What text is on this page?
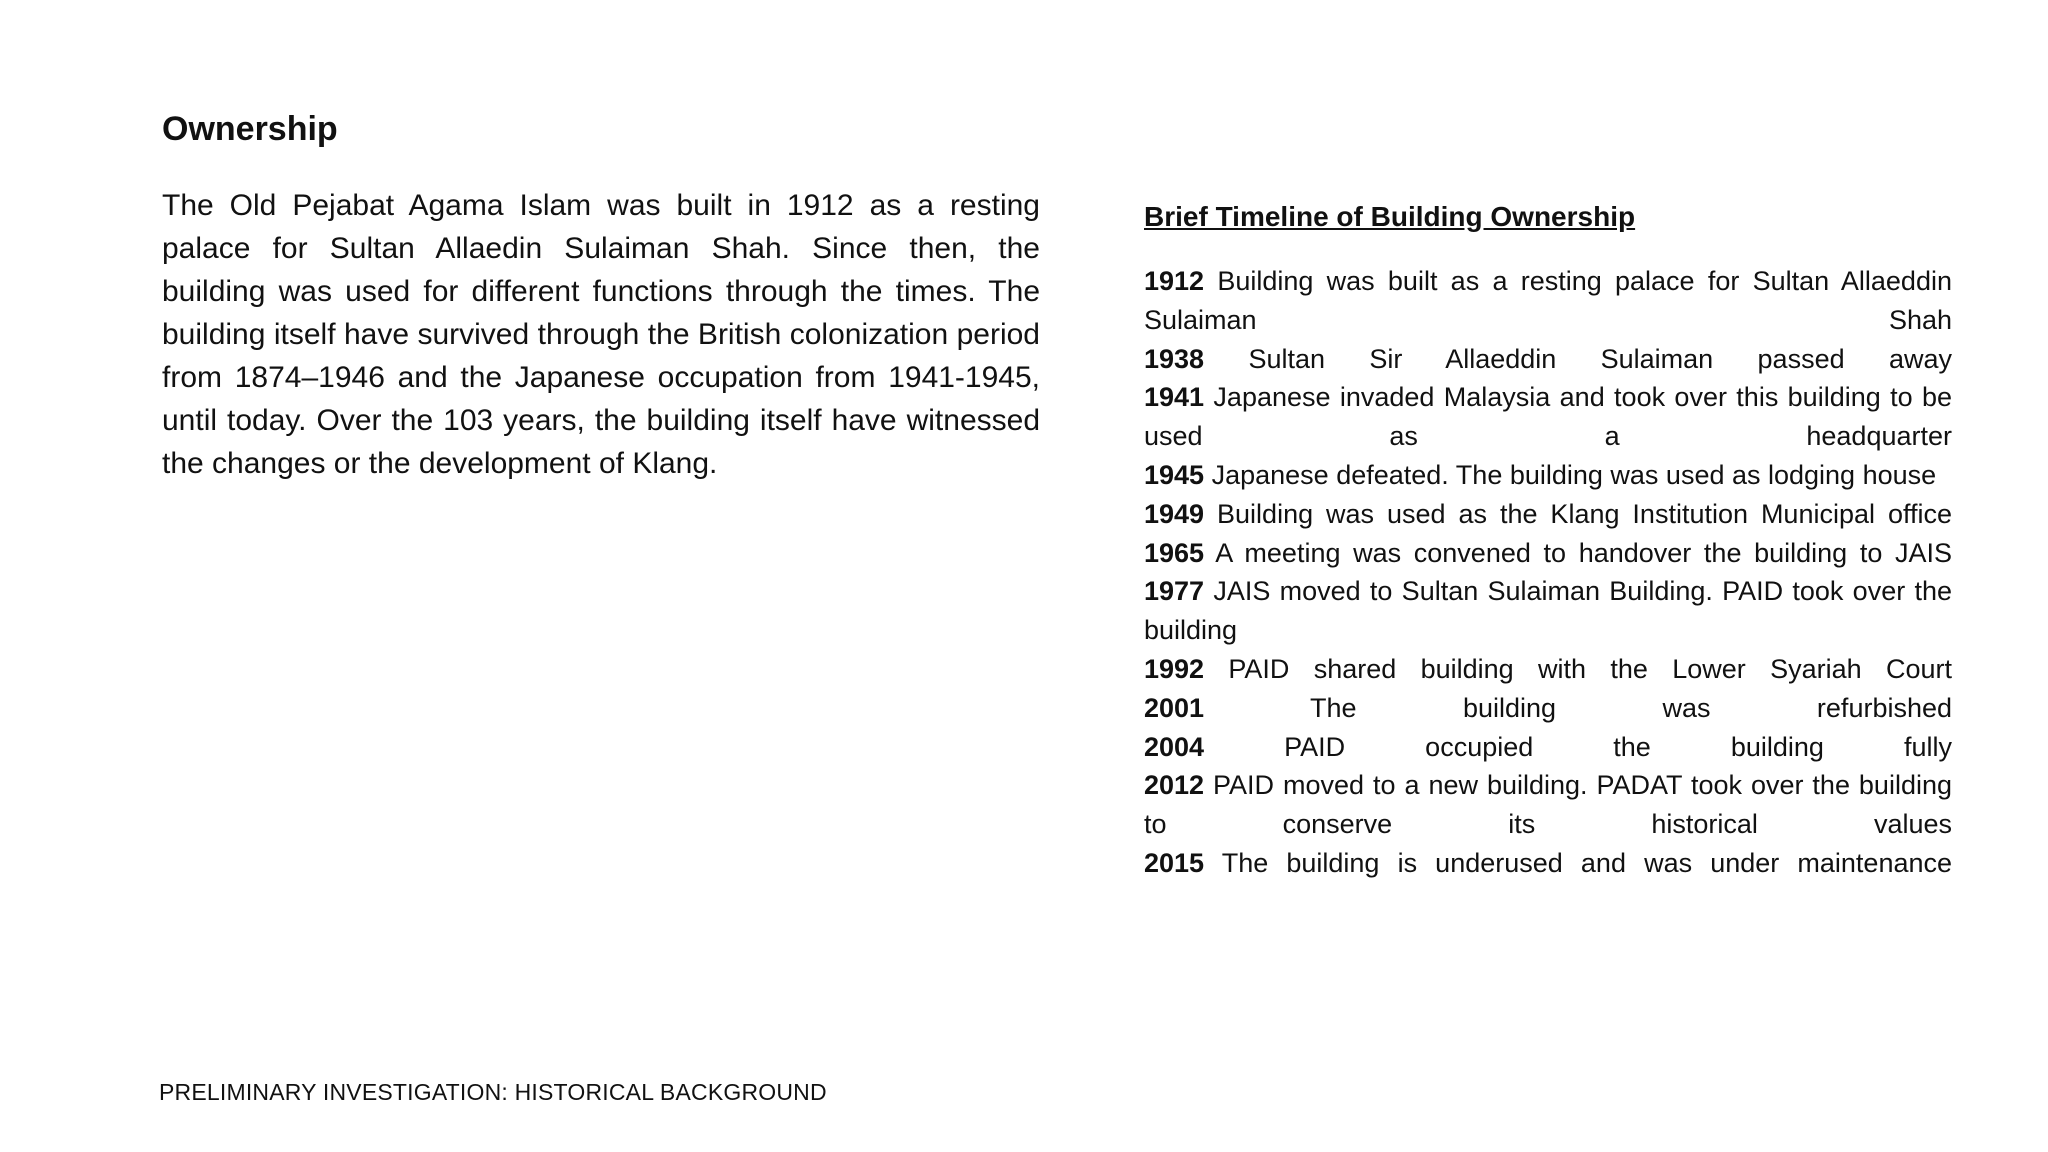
Ownership

The Old Pejabat Agama Islam was built in 1912 as a resting palace for Sultan Allaedin Sulaiman Shah. Since then, the building was used for different functions through the times. The building itself have survived through the British colonization period from 1874–1946 and the Japanese occupation from 1941-1945, until today. Over the 103 years, the building itself have witnessed the changes or the development of Klang.

Brief Timeline of Building Ownership
1912 Building was built as a resting palace for Sultan Allaeddin Sulaiman Shah
1938 Sultan Sir Allaeddin Sulaiman passed away
1941 Japanese invaded Malaysia and took over this building to be used as a headquarter
1945 Japanese defeated. The building was used as lodging house
1949 Building was used as the Klang Institution Municipal office
1965 A meeting was convened to handover the building to JAIS
1977 JAIS moved to Sultan Sulaiman Building. PAID took over the building
1992 PAID shared building with the Lower Syariah Court
2001	The building was refurbished
2004	PAID occupied the building fully
2012 PAID moved to a new building. PADAT took over the building to conserve its historical values
2015 The building is underused and was under maintenance

PRELIMINARY INVESTIGATION: HISTORICAL BACKGROUND
